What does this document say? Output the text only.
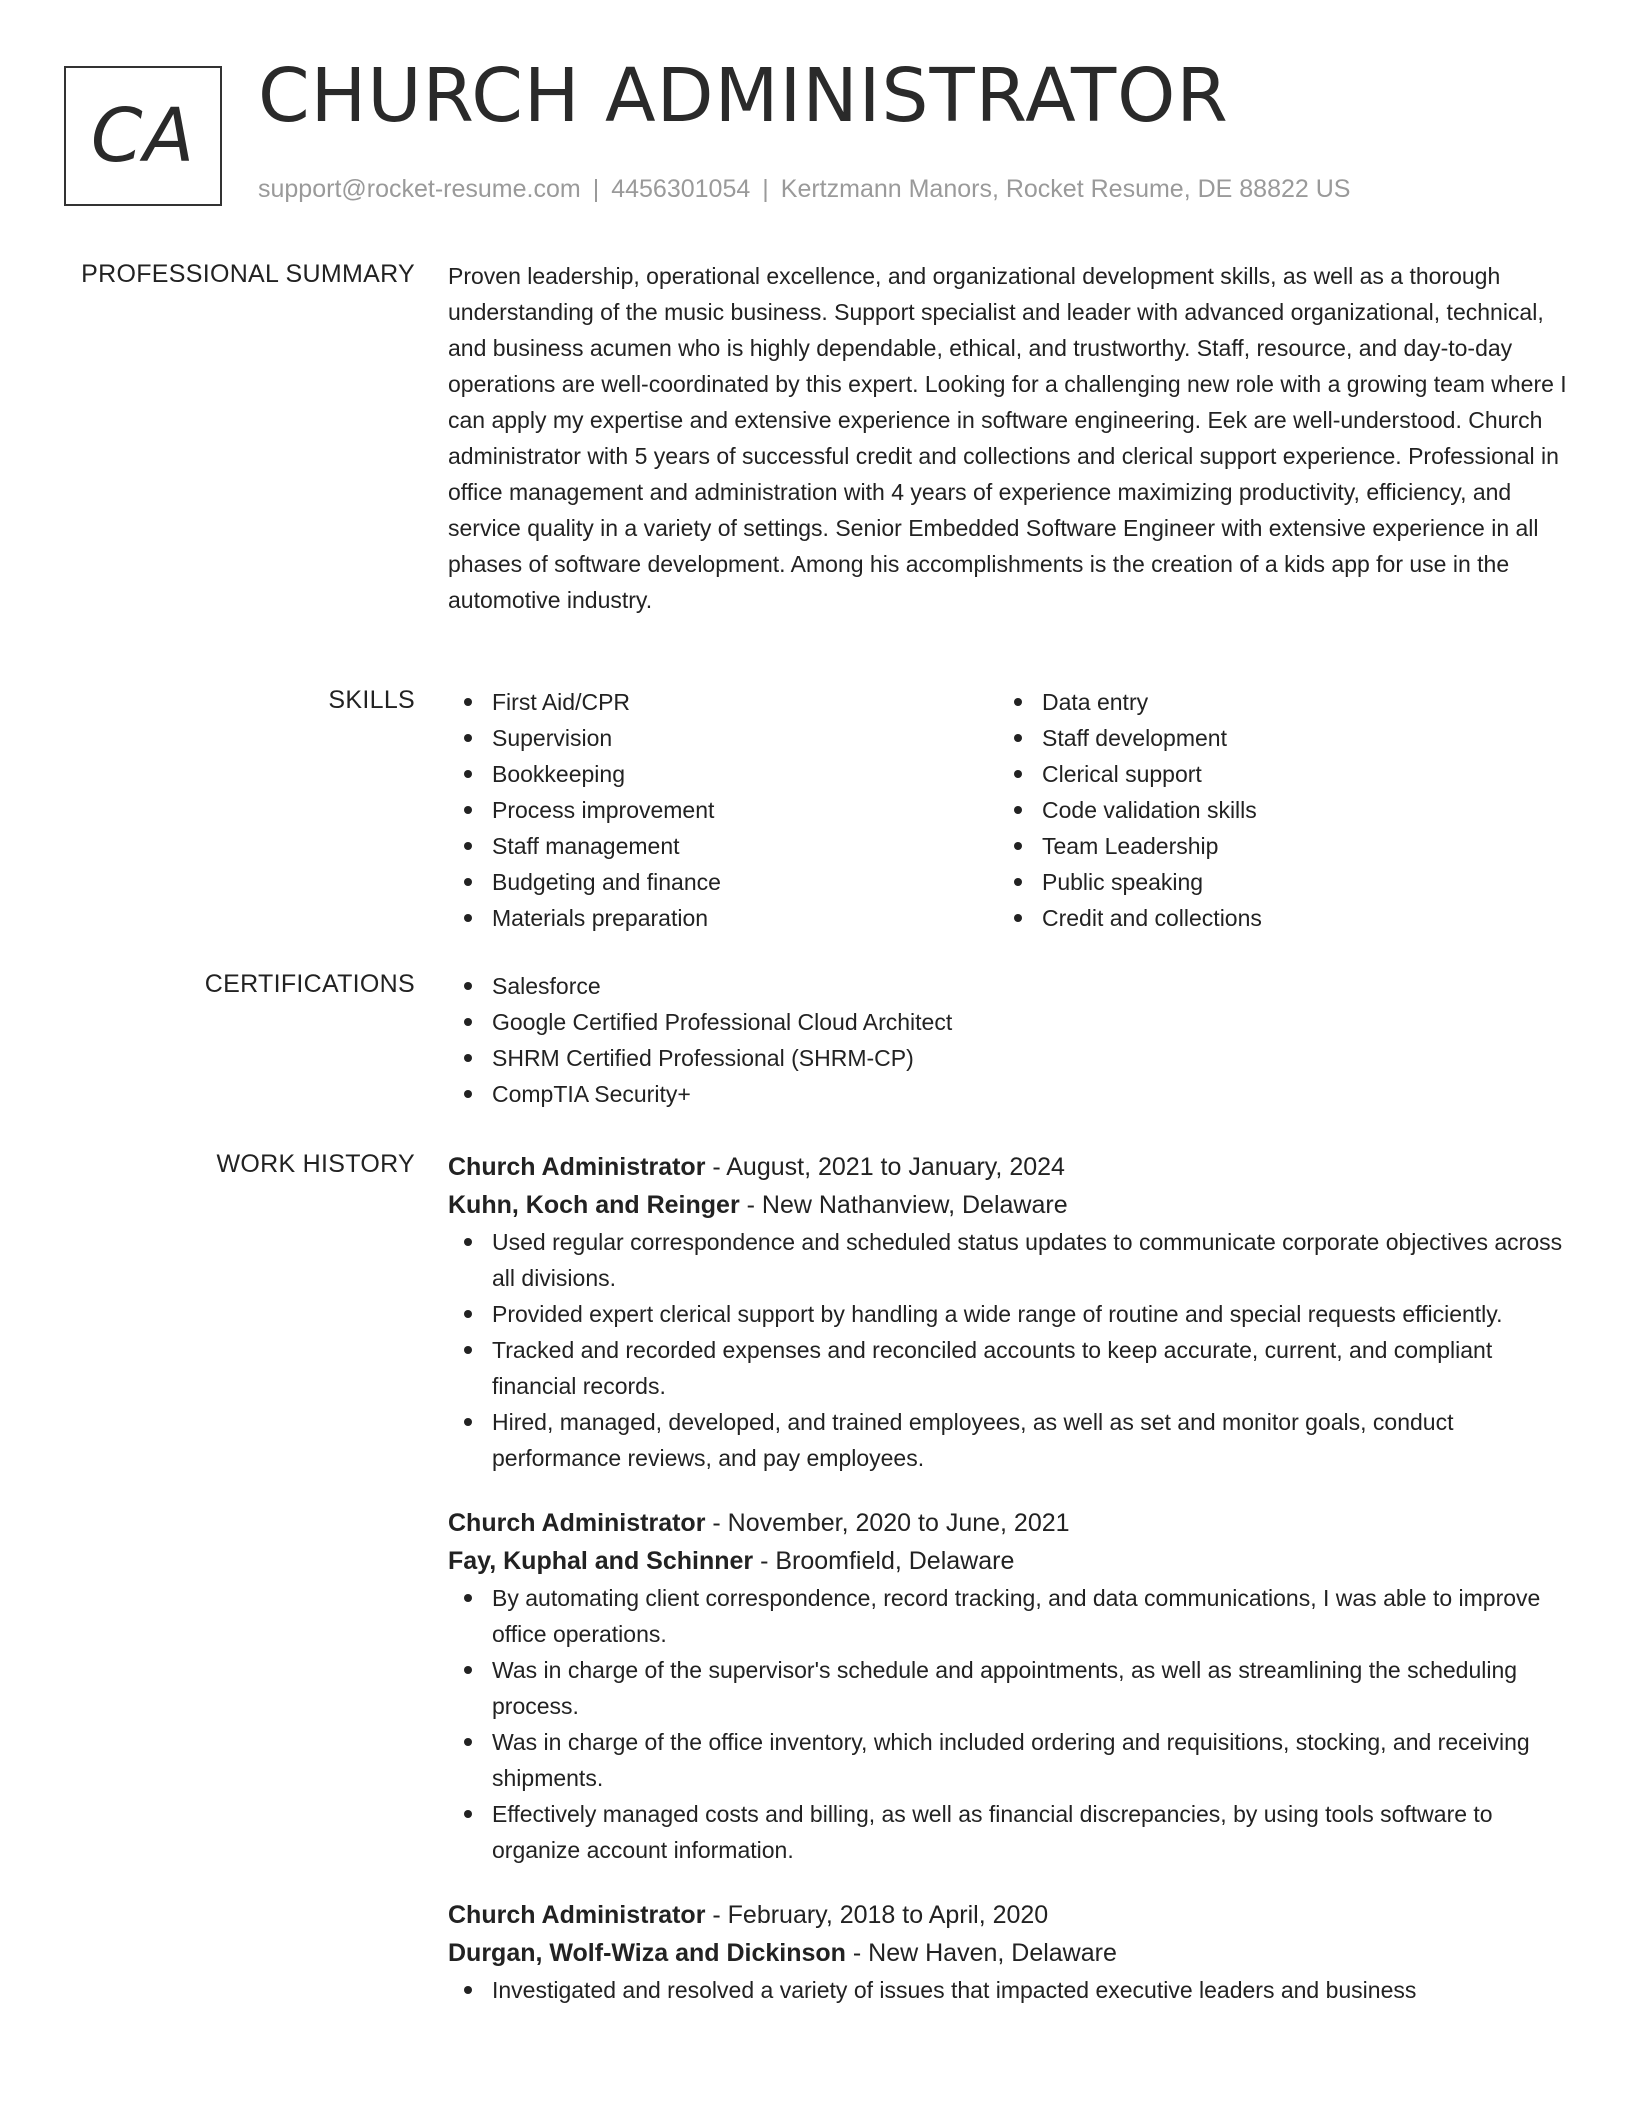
CA CHURCH ADMINISTRATOR
support@rocket-resume.com | 4456301054 | Kertzmann Manors, Rocket Resume, DE 88822 US
PROFESSIONAL SUMMARY Proven leadership, operational excellence, and organizational development skills, as well as a thorough understanding of the music business. Support specialist and leader with advanced organizational, technical, and business acumen who is highly dependable, ethical, and trustworthy. Staff, resource, and day-to-day operations are well-coordinated by this expert. Looking for a challenging new role with a growing team where I can apply my expertise and extensive experience in software engineering. Eek are well-understood. Church administrator with 5 years of successful credit and collections and clerical support experience. Professional in office management and administration with 4 years of experience maximizing productivity, efficiency, and service quality in a variety of settings. Senior Embedded Software Engineer with extensive experience in all phases of software development. Among his accomplishments is the creation of a kids app for use in the automotive industry.

SKILLS	First Aid/CPR
Supervision
Bookkeeping
Process improvement
Staff management
Budgeting and finance
Materials preparation
Data entry
Staff development
Clerical support
Code validation skills
Team Leadership
Public speaking
Credit and collections
CERTIFICATIONS	Salesforce
Google Certified Professional Cloud Architect
SHRM Certified Professional (SHRM-CP)
CompTIA Security+
WORK HISTORY Church Administrator - August, 2021 to January, 2024
Kuhn, Koch and Reinger - New Nathanview, Delaware
Used regular correspondence and scheduled status updates to communicate corporate objectives across all divisions.
Provided expert clerical support by handling a wide range of routine and special requests efficiently.
Tracked and recorded expenses and reconciled accounts to keep accurate, current, and compliant financial records.
Hired, managed, developed, and trained employees, as well as set and monitor goals, conduct performance reviews, and pay employees.
Church Administrator - November, 2020 to June, 2021
Fay, Kuphal and Schinner - Broomfield, Delaware
By automating client correspondence, record tracking, and data communications, I was able to improve office operations.
Was in charge of the supervisor's schedule and appointments, as well as streamlining the scheduling process.
Was in charge of the office inventory, which included ordering and requisitions, stocking, and receiving shipments.
Effectively managed costs and billing, as well as financial discrepancies, by using tools software to organize account information.
Church Administrator - February, 2018 to April, 2020
Durgan, Wolf-Wiza and Dickinson - New Haven, Delaware
Investigated and resolved a variety of issues that impacted executive leaders and business
